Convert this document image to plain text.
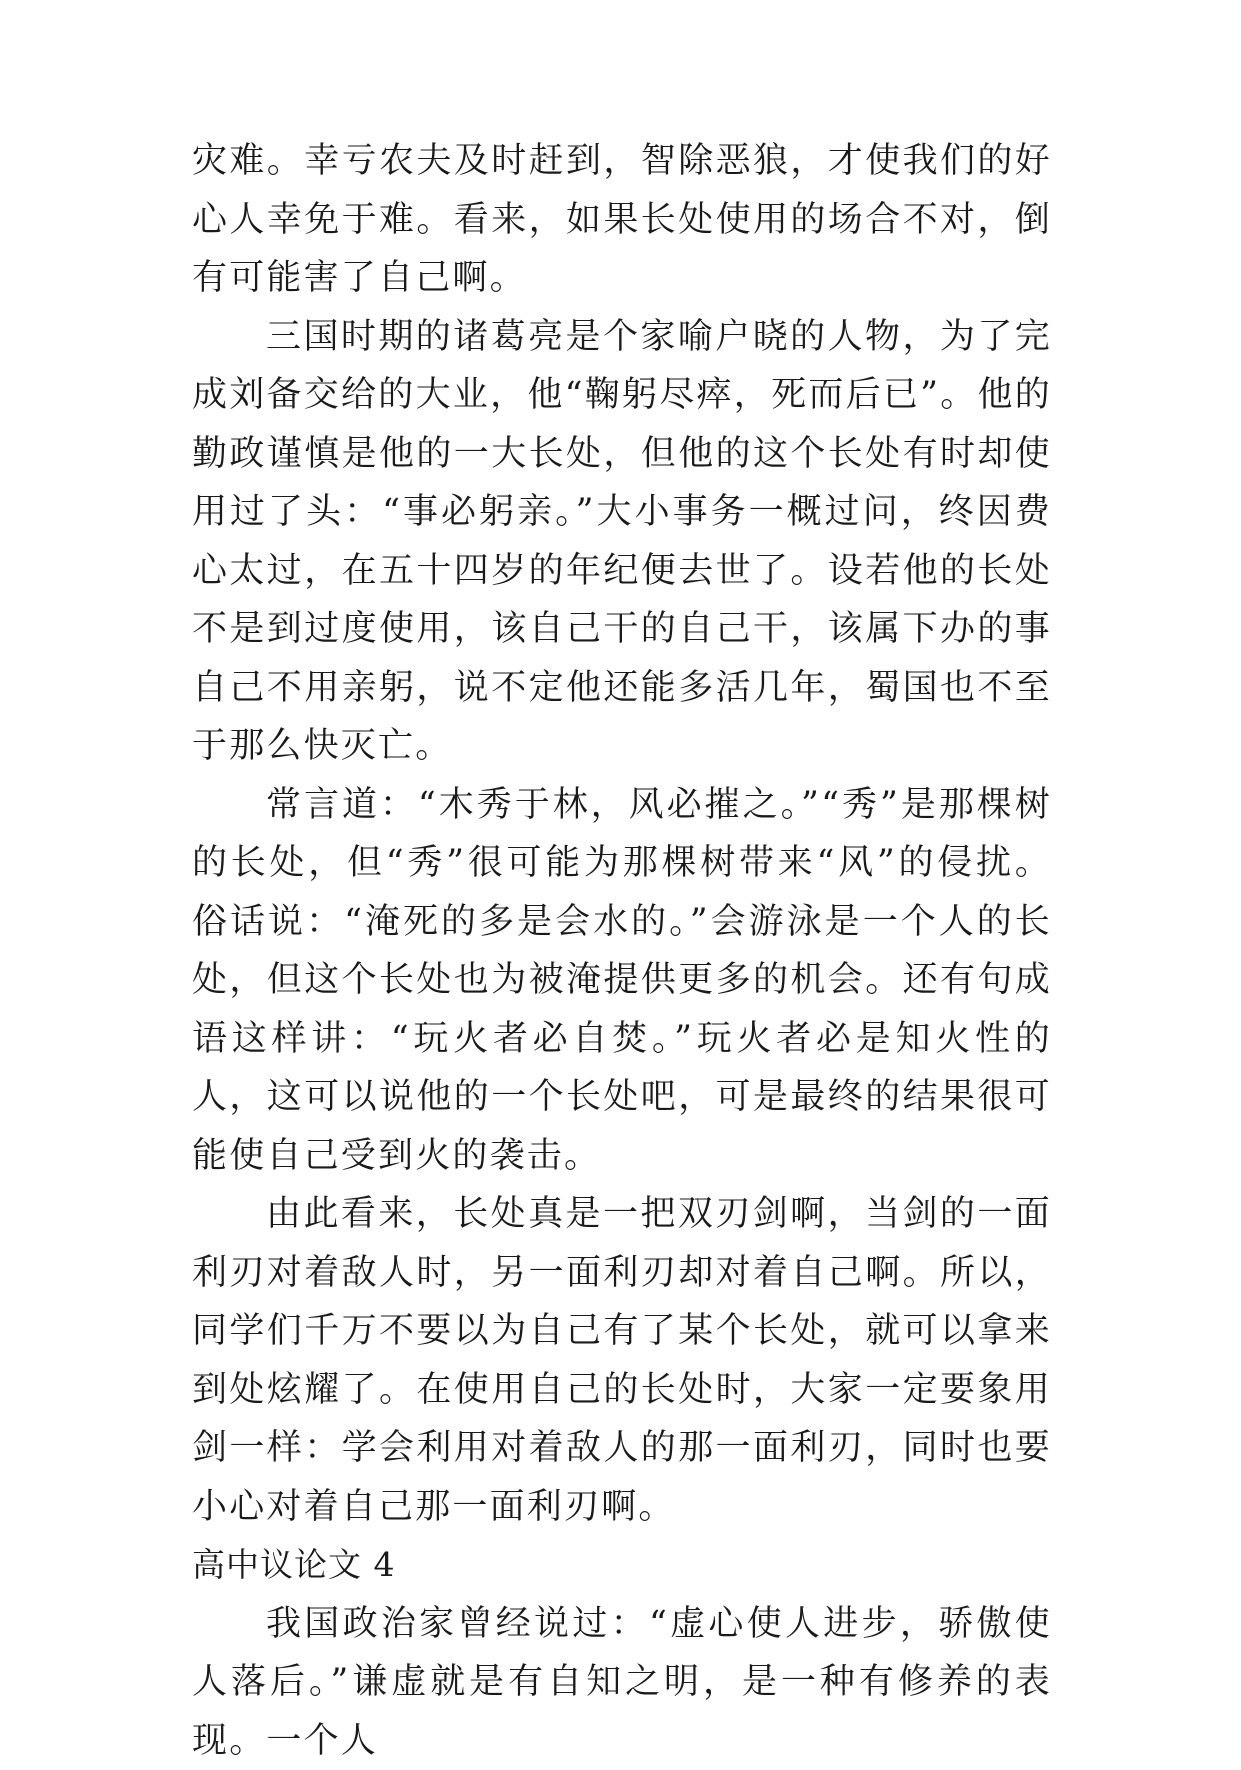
灾难。幸亏农夫及时赶到，智除恶狼，才使我们的好心人幸免于难。看来，如果长处使用的场合不对，倒有可能害了自己啊。

三国时期的诸葛亮是个家喻户晓的人物，为了完成刘备交给的大业，他“鞠躬尽瘁，死而后已”。他的勤政谨慎是他的一大长处，但他的这个长处有时却使用过了头：“事必躬亲。”大小事务一概过问，终因费心太过，在五十四岁的年纪便去世了。设若他的长处不是到过度使用，该自己干的自己干，该属下办的事自己不用亲躬，说不定他还能多活几年，蜀国也不至于那么快灭亡。

常言道：“木秀于林，风必摧之。”“秀”是那棵树的长处，但“秀”很可能为那棵树带来“风”的侵扰。俗话说：“淹死的多是会水的。”会游泳是一个人的长处，但这个长处也为被淹提供更多的机会。还有句成语这样讲：“玩火者必自焚。”玩火者必是知火性的人，这可以说他的一个长处吧，可是最终的结果很可能使自己受到火的袭击。

由此看来，长处真是一把双刃剑啊，当剑的一面利刃对着敌人时，另一面利刃却对着自己啊。所以，同学们千万不要以为自己有了某个长处，就可以拿来到处炫耀了。在使用自己的长处时，大家一定要象用剑一样：学会利用对着敌人的那一面利刃，同时也要小心对着自己那一面利刃啊。

高中议论文 4

我国政治家曾经说过：“虚心使人进步，骄傲使人落后。”谦虚就是有自知之明，是一种有修养的表现。一个人
